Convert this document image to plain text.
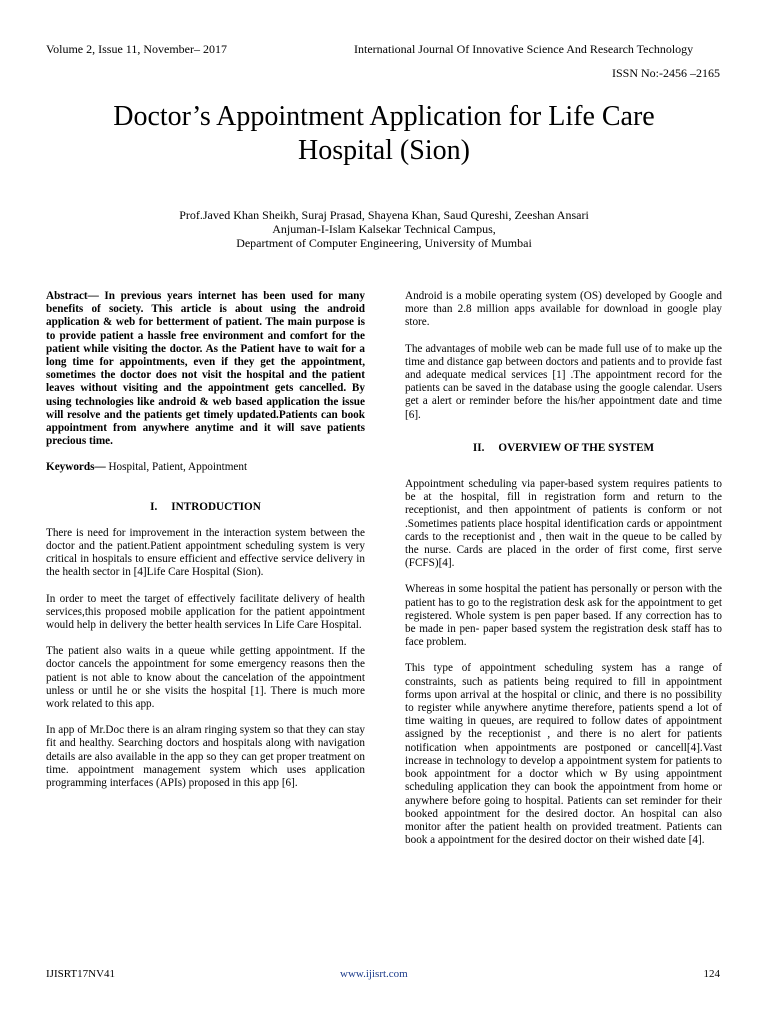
Volume 2, Issue 11, November– 2017	International Journal Of Innovative Science And Research Technology
ISSN No:-2456 –2165
Doctor’s Appointment Application for Life Care
Hospital (Sion)
Prof.Javed Khan Sheikh, Suraj Prasad, Shayena Khan, Saud Qureshi, Zeeshan Ansari
Anjuman-I-Islam Kalsekar Technical Campus,
Department of Computer Engineering, University of Mumbai

Abstract— In previous years internet has been used for many benefits of society. This article is about using the android application & web for betterment of patient. The main purpose is to provide patient a hassle free environment and comfort for the patient while visiting the doctor. As the Patient have to wait for a long time for appointments, even if they get the appointment, sometimes the doctor does not visit the hospital and the patient leaves without visiting and the appointment gets cancelled. By using technologies like android & web based application the issue will resolve and the patients get timely updated.Patients can book appointment from anywhere anytime and it will save patients precious time.

Keywords— Hospital, Patient, Appointment

I.     INTRODUCTION

There is need for improvement in the interaction system between the doctor and the patient.Patient appointment scheduling system is very critical in hospitals to ensure efficient and effective service delivery in the health sector in [4]Life Care Hospital (Sion).

In order to meet the target of effectively facilitate delivery of health services,this proposed mobile application for the patient appointment would help in delivery the better health services In Life Care Hospital.

The patient also waits in a queue while getting appointment. If the doctor cancels the appointment for some emergency reasons then the patient is not able to know about the cancelation of the appointment unless or until he or she visits the hospital [1]. There is much more work related to this app.

In app of Mr.Doc there is an alram ringing system so that they can stay fit and healthy. Searching doctors and hospitals along with navigation details are also available in the app so they can get proper treatment on time. appointment management system which uses application programming interfaces (APIs) proposed in this app [6].

Android is a mobile operating system (OS) developed by Google and more than 2.8 million apps available for download in google play store.

The advantages of mobile web can be made full use of to make up the time and distance gap between doctors and patients and to provide fast and adequate medical services [1] .The appointment record for the patients can be saved in the database using the google calendar. Users get a alert or reminder before the his/her appointment date and time [6].

II.     OVERVIEW OF THE SYSTEM

Appointment scheduling via paper-based system requires patients to be at the hospital, fill in registration form and return to the receptionist, and then appointment of patients is conform or not .Sometimes patients place hospital identification cards or appointment cards to the receptionist and , then wait in the queue to be called by the nurse. Cards are placed in the order of first come, first serve (FCFS)[4].

Whereas in some hospital the patient has personally or person with the patient has to go to the registration desk ask for the appointment to get registered. Whole system is pen paper based. If any correction has to be made in pen- paper based system the registration desk staff has to face problem.

This type of appointment scheduling system has a range of constraints, such as patients being required to fill in appointment forms upon arrival at the hospital or clinic, and there is no possibility to register while anywhere anytime therefore, patients spend a lot of time waiting in queues, are required to follow dates of appointment assigned by the receptionist , and there is no alert for patients notification when appointments are postponed or cancell[4].Vast increase in technology to develop a appointment system for patients to book appointment for a doctor which w By using appointment scheduling application they can book the appointment from home or anywhere before going to hospital. Patients can set reminder for their booked appointment for the desired doctor. An hospital can also monitor after the patient health on provided treatment. Patients can book a appointment for the desired doctor on their wished date [4].

IJISRT17NV41	www.ijisrt.com	124
